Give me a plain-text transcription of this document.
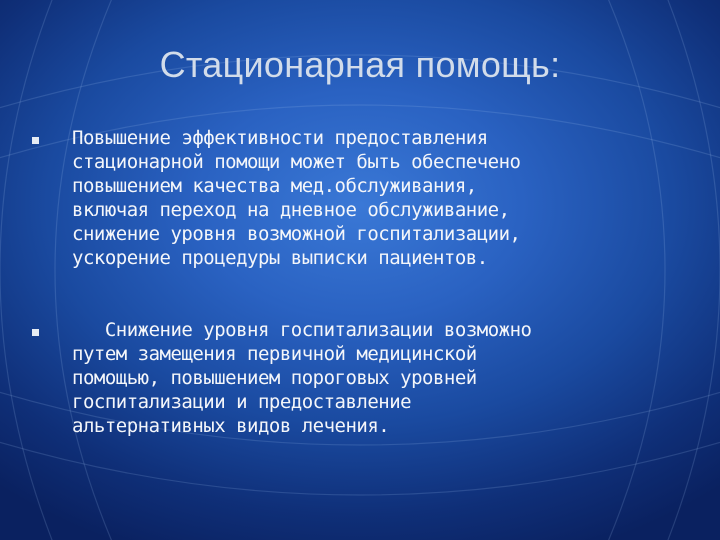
Стационарная помощь:
Повышение эффективности предоставления
стационарной помощи может быть обеспечено
повышением качества мед.обслуживания,
включая переход на дневное обслуживание,
снижение уровня возможной госпитализации,
ускорение процедуры выписки пациентов.
Снижение уровня госпитализации возможно
путем замещения первичной медицинской
помощью, повышением пороговых уровней
госпитализации и предоставление
альтернативных видов лечения.
